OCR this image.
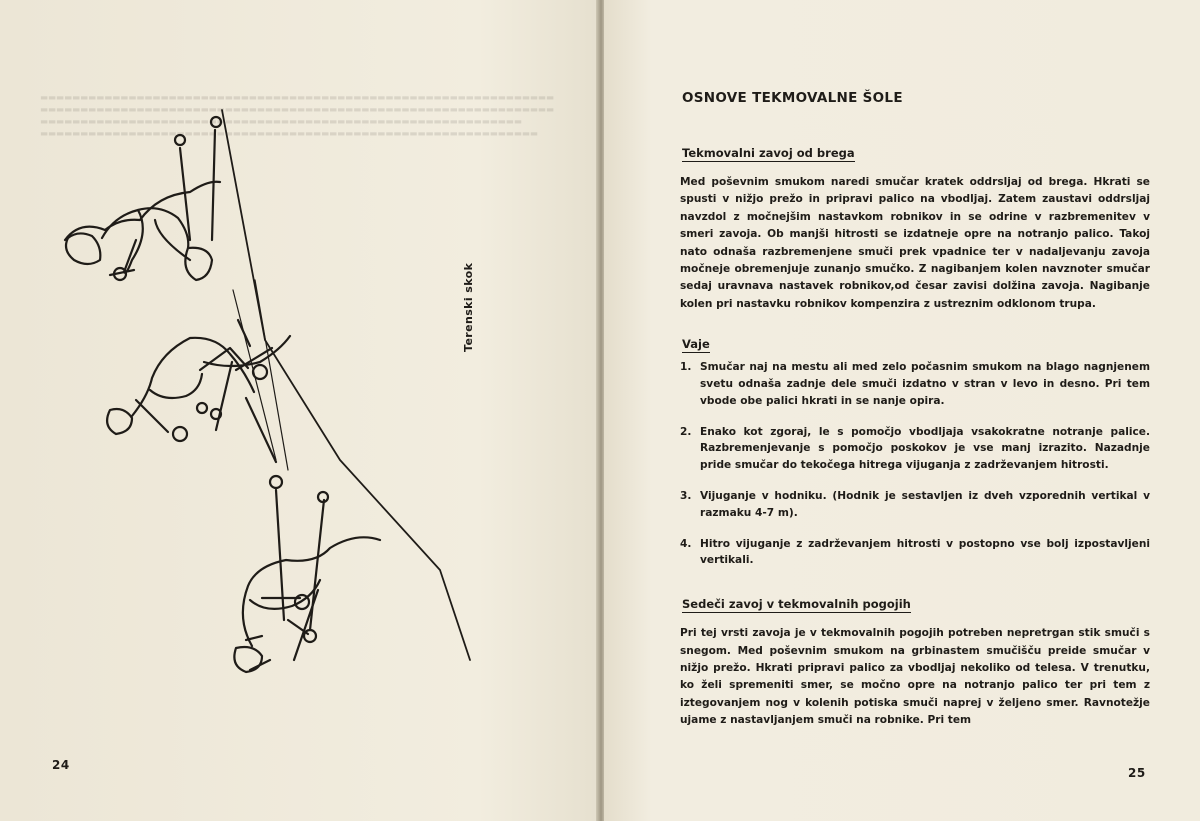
▬▬▬▬▬▬▬▬▬▬▬▬▬▬▬▬▬▬▬▬▬▬▬▬▬▬▬▬▬▬▬▬▬▬▬▬▬▬▬▬▬▬▬▬▬▬▬▬▬▬▬▬▬▬▬▬▬▬▬▬▬▬▬▬
▬▬▬▬▬▬▬▬▬▬▬▬▬▬▬▬▬▬▬▬▬▬▬▬▬▬▬▬▬▬▬▬▬▬▬▬▬▬▬▬▬▬▬▬▬▬▬▬▬▬▬▬▬▬▬▬▬▬▬▬▬▬▬▬
▬▬▬▬▬▬▬▬▬▬▬▬▬▬▬▬▬▬▬▬▬▬▬▬▬▬▬▬▬▬▬▬▬▬▬▬▬▬▬▬▬▬▬▬▬▬▬▬▬▬▬▬▬▬▬▬▬▬▬▬
▬▬▬▬▬▬▬▬▬▬▬▬▬▬▬▬▬▬▬▬▬▬▬▬▬▬▬▬▬▬▬▬▬▬▬▬▬▬▬▬▬▬▬▬▬▬▬▬▬▬▬▬▬▬▬▬▬▬▬▬▬▬
Terenski skok
24
25
OSNOVE TEKMOVALNE ŠOLE
Tekmovalni zavoj od brega

Med poševnim smukom naredi smučar kratek oddrsljaj od brega. Hkrati se spusti v nižjo prežo in pripravi palico na vbodljaj. Zatem zaustavi oddrsljaj navzdol z močnejšim nastavkom robnikov in se odrine v razbremenitev v smeri zavoja. Ob manjši hitrosti se izdatneje opre na notranjo palico. Takoj nato odnaša razbremenjene smuči prek vpadnice ter v nadaljevanju zavoja močneje obremenjuje zunanjo smučko. Z nagibanjem kolen navznoter smučar sedaj uravnava nastavek robnikov,od česar zavisi dolžina zavoja. Nagibanje kolen pri nastavku robnikov kompenzira z ustreznim odklonom trupa.

Vaje
1. Smučar naj na mestu ali med zelo počasnim smukom na blago nagnjenem svetu odnaša zadnje dele smuči izdatno v stran v levo in desno. Pri tem vbode obe palici hkrati in se nanje opira.
2. Enako kot zgoraj, le s pomočjo vbodljaja vsakokratne notranje palice. Razbremenjevanje s pomočjo poskokov je vse manj izrazito. Nazadnje pride smučar do tekočega hitrega vijuganja z zadrževanjem hitrosti.
3. Vijuganje v hodniku. (Hodnik je sestavljen iz dveh vzporednih vertikal v razmaku 4-7 m).
4. Hitro vijuganje z zadrževanjem hitrosti v postopno vse bolj izpostavljeni vertikali.
Sedeči zavoj v tekmovalnih pogojih

Pri tej vrsti zavoja je v tekmovalnih pogojih potreben nepretrgan stik smuči s snegom. Med poševnim smukom na grbinastem smučišču preide smučar v nižjo prežo. Hkrati pripravi palico za vbodljaj nekoliko od telesa. V trenutku, ko želi spremeniti smer, se močno opre na notranjo palico ter pri tem z iztegovanjem nog v kolenih potiska smuči naprej v željeno smer. Ravnotežje ujame z nastavljanjem smuči na robnike. Pri tem
